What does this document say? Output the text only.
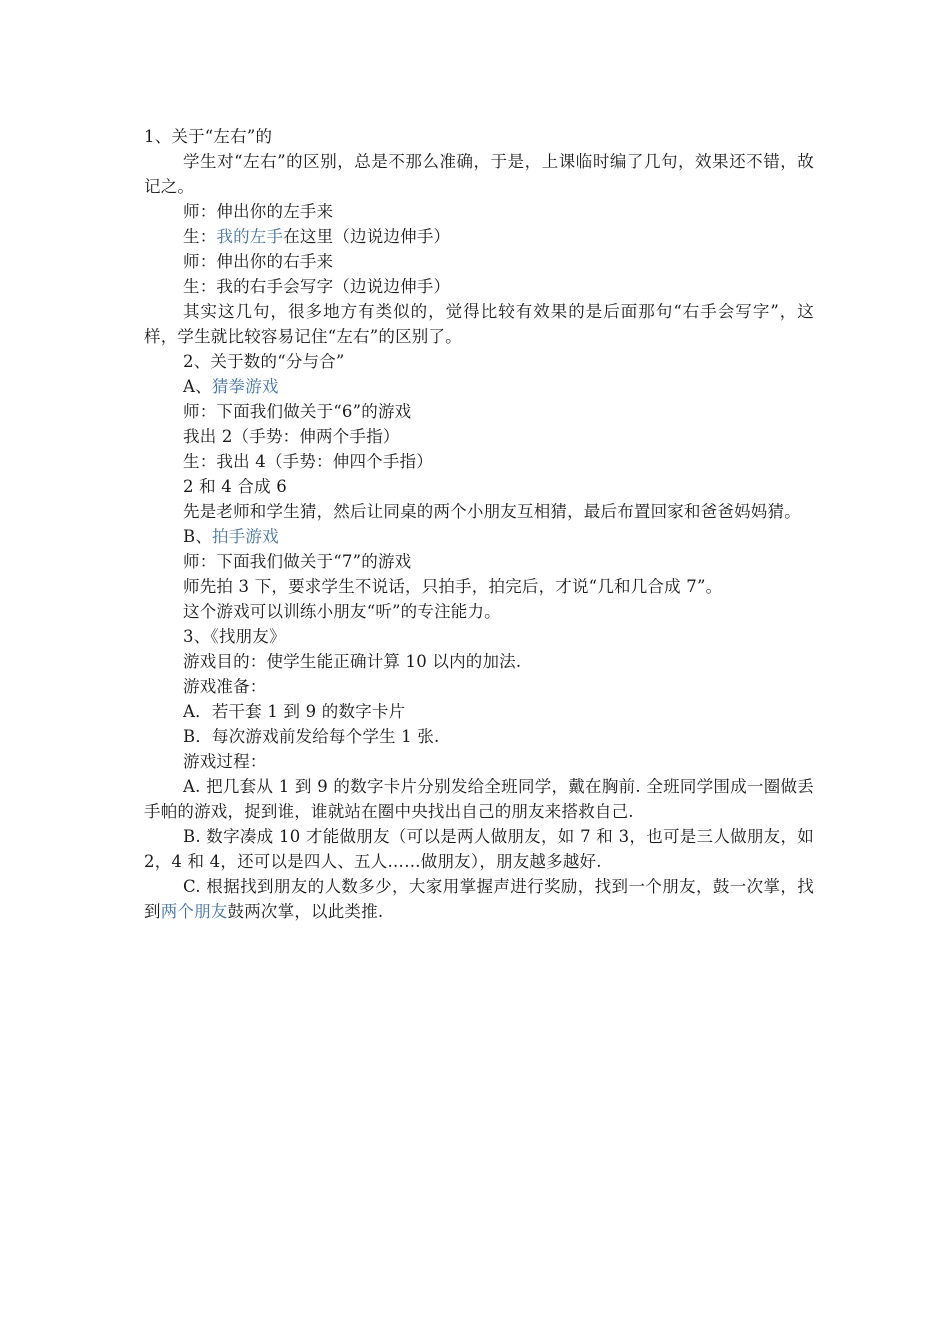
1、关于“左右”的

学生对“左右”的区别，总是不那么准确，于是，上课临时编了几句，效果还不错，故记之。

师：伸出你的左手来

生：我的左手在这里（边说边伸手）

师：伸出你的右手来

生：我的右手会写字（边说边伸手）

其实这几句，很多地方有类似的，觉得比较有效果的是后面那句“右手会写字”，这样，学生就比较容易记住“左右”的区别了。

2、关于数的“分与合”

A、猜拳游戏

师：下面我们做关于“6”的游戏

我出 2（手势：伸两个手指）

生：我出 4（手势：伸四个手指）

2 和 4 合成 6

先是老师和学生猜，然后让同桌的两个小朋友互相猜，最后布置回家和爸爸妈妈猜。

B、拍手游戏

师：下面我们做关于“7”的游戏

师先拍 3 下，要求学生不说话，只拍手，拍完后，才说“几和几合成 7”。

这个游戏可以训练小朋友“听”的专注能力。

3、《找朋友》

游戏目的：使学生能正确计算 10 以内的加法.

游戏准备：

A．若干套 1 到 9 的数字卡片

B．每次游戏前发给每个学生 1 张.

游戏过程：

A. 把几套从 1 到 9 的数字卡片分别发给全班同学，戴在胸前. 全班同学围成一圈做丢手帕的游戏，捉到谁，谁就站在圈中央找出自己的朋友来搭救自己.

B. 数字凑成 10 才能做朋友（可以是两人做朋友，如 7 和 3，也可是三人做朋友，如 2，4 和 4，还可以是四人、五人……做朋友），朋友越多越好.

C. 根据找到朋友的人数多少，大家用掌握声进行奖励，找到一个朋友，鼓一次掌，找到两个朋友鼓两次掌，以此类推.
